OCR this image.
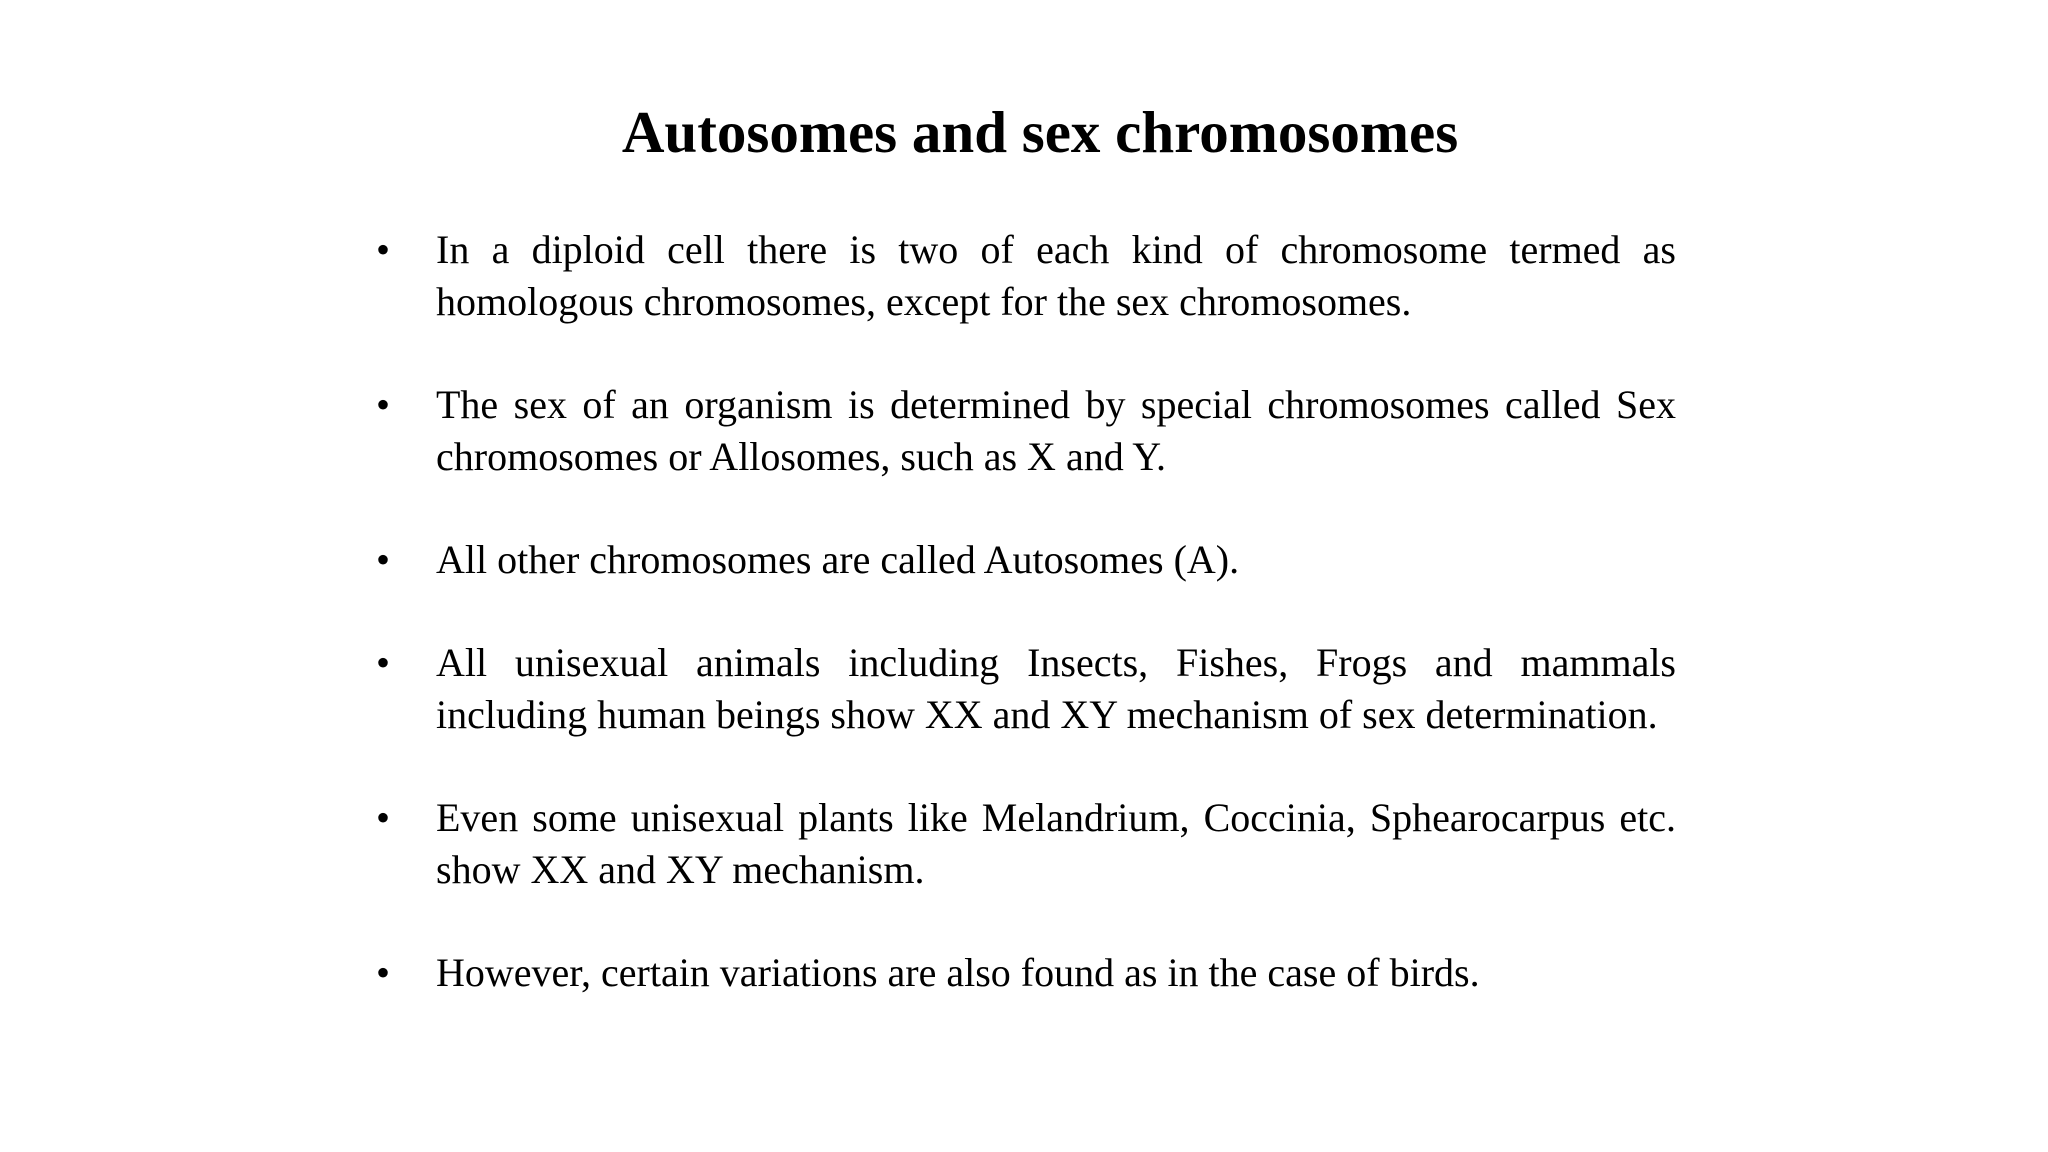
Autosomes and sex chromosomes
•	In a diploid cell there is two of each kind of chromosome termed as homologous chromosomes, except for the sex chromosomes.
•	The sex of an organism is determined by special chromosomes called Sex chromosomes or Allosomes, such as X and Y.
•	All other chromosomes are called Autosomes (A).
•	All unisexual animals including Insects, Fishes, Frogs and mammals including human beings show XX and XY mechanism of sex determination.
•	Even some unisexual plants like Melandrium, Coccinia, Sphearocarpus etc. show XX and XY mechanism.
•	However, certain variations are also found as in the case of birds.
